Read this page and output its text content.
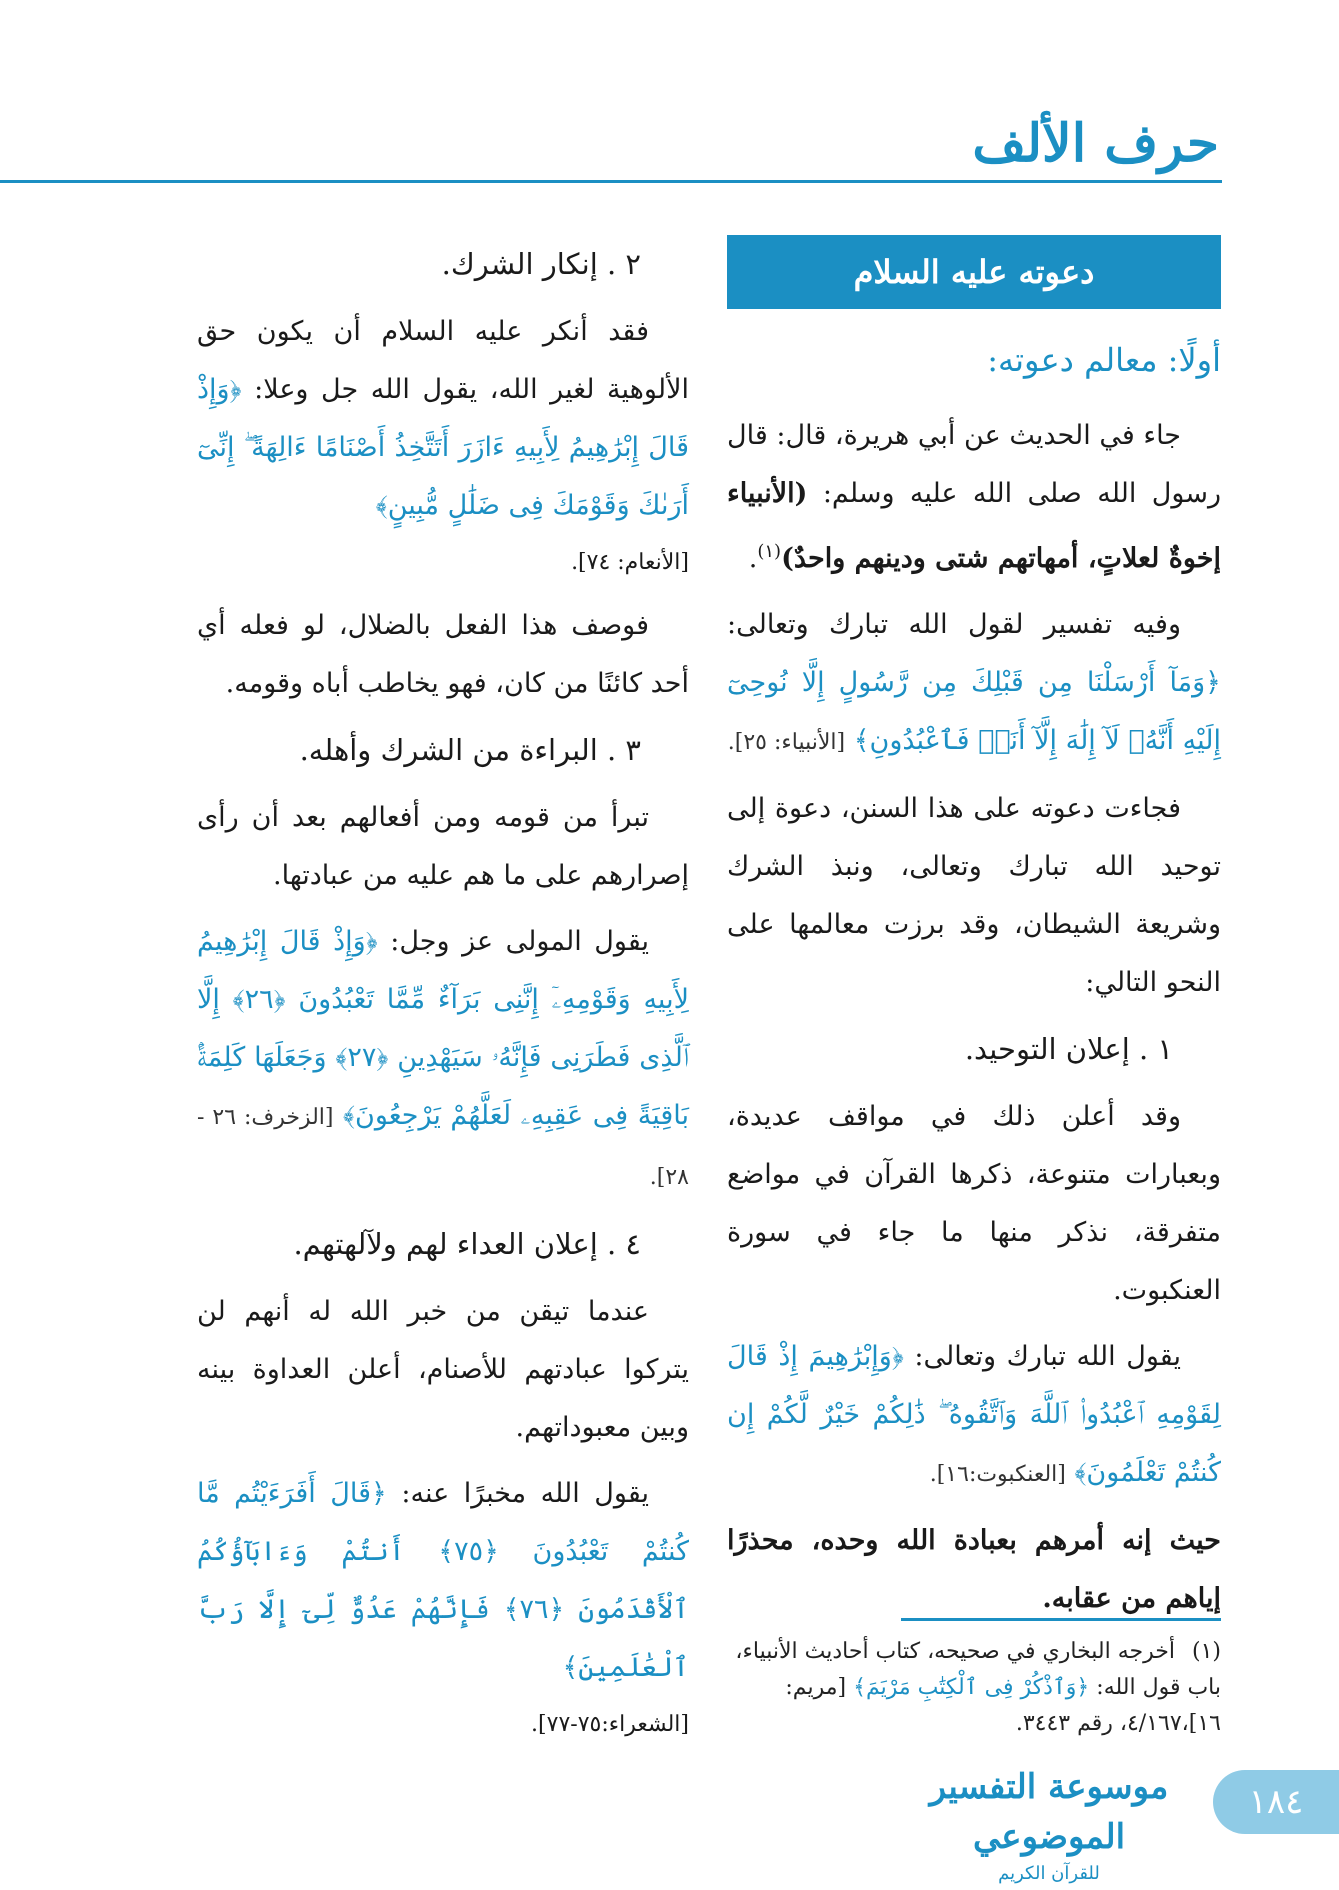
حرف الألف
دعوته عليه السلام
أولًا: معالم دعوته:

جاء في الحديث عن أبي هريرة، قال: قال رسول الله صلى الله عليه وسلم: (الأنبياء إخوةٌ لعلاتٍ، أمهاتهم شتى ودينهم واحدٌ)$^{(١)}$.

وفيه تفسير لقول الله تبارك وتعالى: ﴿وَمَآ أَرْسَلْنَا مِن قَبْلِكَ مِن رَّسُولٍ إِلَّا نُوحِىٓ إِلَيْهِ أَنَّهُۥ لَآ إِلَٰهَ إِلَّآ أَنَا۠ فَٱعْبُدُونِ﴾ [الأنبياء: ٢٥].

فجاءت دعوته على هذا السنن، دعوة إلى توحيد الله تبارك وتعالى، ونبذ الشرك وشريعة الشيطان، وقد برزت معالمها على النحو التالي:

١ . إعلان التوحيد.

وقد أعلن ذلك في مواقف عديدة، وبعبارات متنوعة، ذكرها القرآن في مواضع متفرقة، نذكر منها ما جاء في سورة العنكبوت.

يقول الله تبارك وتعالى: ﴿وَإِبْرَٰهِيمَ إِذْ قَالَ لِقَوْمِهِ ٱعْبُدُوا۟ ٱللَّهَ وَٱتَّقُوهُ ۖ ذَٰلِكُمْ خَيْرٌ لَّكُمْ إِن كُنتُمْ تَعْلَمُونَ﴾ [العنكبوت:١٦].

حيث إنه أمرهم بعبادة الله وحده، محذرًا إياهم من عقابه.

٢ . إنكار الشرك.

فقد أنكر عليه السلام أن يكون حق الألوهية لغير الله، يقول الله جل وعلا: ﴿وَإِذْ قَالَ إِبْرَٰهِيمُ لِأَبِيهِ ءَازَرَ أَتَتَّخِذُ أَصْنَامًا ءَالِهَةً ۖ إِنِّىٓ أَرَىٰكَ وَقَوْمَكَ فِى ضَلَٰلٍ مُّبِينٍ﴾

[الأنعام: ٧٤].

فوصف هذا الفعل بالضلال، لو فعله أي أحد كائنًا من كان، فهو يخاطب أباه وقومه.

٣ . البراءة من الشرك وأهله.

تبرأ من قومه ومن أفعالهم بعد أن رأى إصرارهم على ما هم عليه من عبادتها.

يقول المولى عز وجل: ﴿وَإِذْ قَالَ إِبْرَٰهِيمُ لِأَبِيهِ وَقَوْمِهِۦٓ إِنَّنِى بَرَآءٌ مِّمَّا تَعْبُدُونَ ﴿٢٦﴾ إِلَّا ٱلَّذِى فَطَرَنِى فَإِنَّهُۥ سَيَهْدِينِ ﴿٢٧﴾ وَجَعَلَهَا كَلِمَةًۢ بَاقِيَةً فِى عَقِبِهِۦ لَعَلَّهُمْ يَرْجِعُونَ﴾ [الزخرف: ٢٦ - ٢٨].

٤ . إعلان العداء لهم ولآلهتهم.

عندما تيقن من خبر الله له أنهم لن يتركوا عبادتهم للأصنام، أعلن العداوة بينه وبين معبوداتهم.

يقول الله مخبرًا عنه: ﴿قَالَ أَفَرَءَيْتُم مَّا كُنتُمْ تَعْبُدُونَ ﴿٧٥﴾ أَنتُمْ وَءَابَآؤُكُمُ ٱلْأَقْدَمُونَ ﴿٧٦﴾ فَإِنَّهُمْ عَدُوٌّ لِّىٓ إِلَّا رَبَّ ٱلْعَٰلَمِينَ﴾

[الشعراء:٧٥-٧٧].
(١) أخرجه البخاري في صحيحه، كتاب أحاديث الأنبياء، باب قول الله: ﴿وَٱذْكُرْ فِى ٱلْكِتَٰبِ مَرْيَمَ﴾ [مريم: ١٦]،٤/١٦٧، رقم ٣٤٤٣.
موسوعة التفسير الموضوعي
للقرآن الكريم
١٨٤
